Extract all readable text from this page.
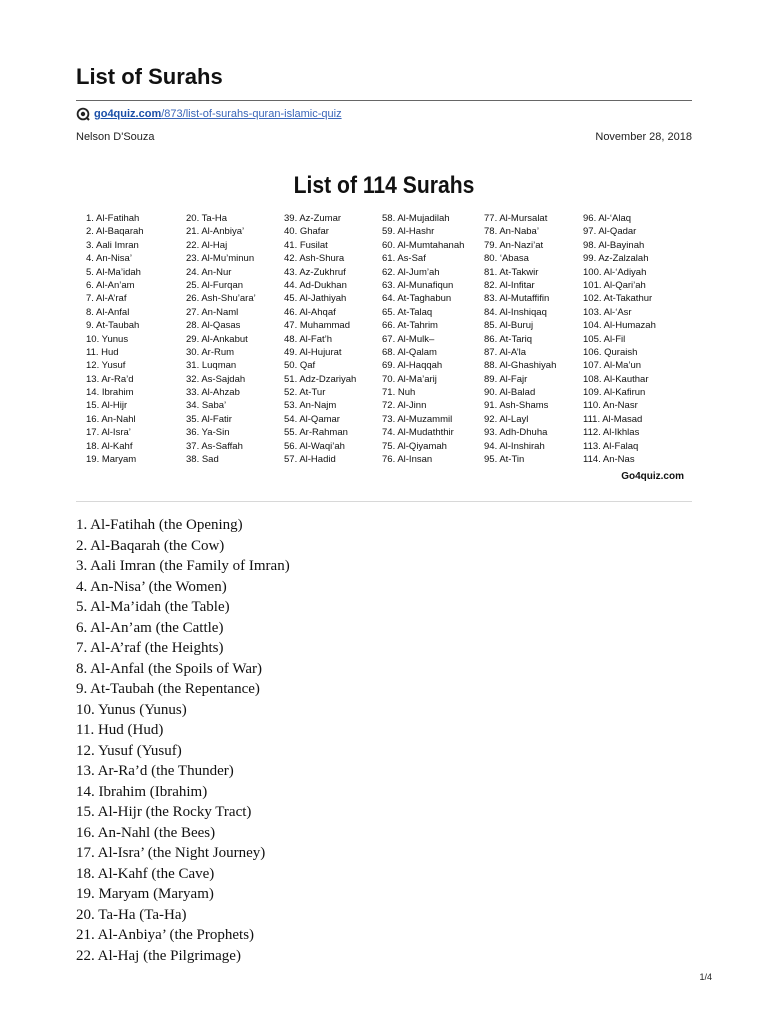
List of Surahs
go4quiz.com /873/list-of-surahs-quran-islamic-quiz
Nelson D'Souza	November 28, 2018
List of 114 Surahs
1. Al-Fatihah
2. Al-Baqarah
3. Aali Imran
4. An-Nisa’
5. Al-Ma’idah
6. Al-An’am
7. Al-A’raf
8. Al-Anfal
9. At-Taubah
10. Yunus
11. Hud
12. Yusuf
13. Ar-Ra’d
14. Ibrahim
15. Al-Hijr
16. An-Nahl
17. Al-Isra’
18. Al-Kahf
19. Maryam
20. Ta-Ha
21. Al-Anbiya’
22. Al-Haj
23. Al-Mu’minun
24. An-Nur
25. Al-Furqan
26. Ash-Shu’ara’
27. An-Naml
28. Al-Qasas
29. Al-Ankabut
30. Ar-Rum
31. Luqman
32. As-Sajdah
33. Al-Ahzab
34. Saba’
35. Al-Fatir
36. Ya-Sin
37. As-Saffah
38. Sad
39. Az-Zumar
40. Ghafar
41. Fusilat
42. Ash-Shura
43. Az-Zukhruf
44. Ad-Dukhan
45. Al-Jathiyah
46. Al-Ahqaf
47. Muhammad
48. Al-Fat’h
49. Al-Hujurat
50. Qaf
51. Adz-Dzariyah
52. At-Tur
53. An-Najm
54. Al-Qamar
55. Ar-Rahman
56. Al-Waqi’ah
57. Al-Hadid
58. Al-Mujadilah
59. Al-Hashr
60. Al-Mumtahanah
61. As-Saf
62. Al-Jum’ah
63. Al-Munafiqun
64. At-Taghabun
65. At-Talaq
66. At-Tahrim
67. Al-Mulk–
68. Al-Qalam
69. Al-Haqqah
70. Al-Ma’arij
71. Nuh
72. Al-Jinn
73. Al-Muzammil
74. Al-Mudaththir
75. Al-Qiyamah
76. Al-Insan
77. Al-Mursalat
78. An-Naba’
79. An-Nazi’at
80. ‘Abasa
81. At-Takwir
82. Al-Infitar
83. Al-Mutaffifin
84. Al-Inshiqaq
85. Al-Buruj
86. At-Tariq
87. Al-A’la
88. Al-Ghashiyah
89. Al-Fajr
90. Al-Balad
91. Ash-Shams
92. Al-Layl
93. Adh-Dhuha
94. Al-Inshirah
95. At-Tin
96. Al-‘Alaq
97. Al-Qadar
98. Al-Bayinah
99. Az-Zalzalah
100. Al-‘Adiyah
101. Al-Qari’ah
102. At-Takathur
103. Al-‘Asr
104. Al-Humazah
105. Al-Fil
106. Quraish
107. Al-Ma’un
108. Al-Kauthar
109. Al-Kafirun
110. An-Nasr
111. Al-Masad
112. Al-Ikhlas
113. Al-Falaq
114. An-Nas
Go4quiz.com
1. Al-Fatihah (the Opening)
2. Al-Baqarah (the Cow)
3. Aali Imran (the Family of Imran)
4. An-Nisa’ (the Women)
5. Al-Ma’idah (the Table)
6. Al-An’am (the Cattle)
7. Al-A’raf (the Heights)
8. Al-Anfal (the Spoils of War)
9. At-Taubah (the Repentance)
10. Yunus (Yunus)
11. Hud (Hud)
12. Yusuf (Yusuf)
13. Ar-Ra’d (the Thunder)
14. Ibrahim (Ibrahim)
15. Al-Hijr (the Rocky Tract)
16. An-Nahl (the Bees)
17. Al-Isra’ (the Night Journey)
18. Al-Kahf (the Cave)
19. Maryam (Maryam)
20. Ta-Ha (Ta-Ha)
21. Al-Anbiya’ (the Prophets)
22. Al-Haj (the Pilgrimage)
1/4
